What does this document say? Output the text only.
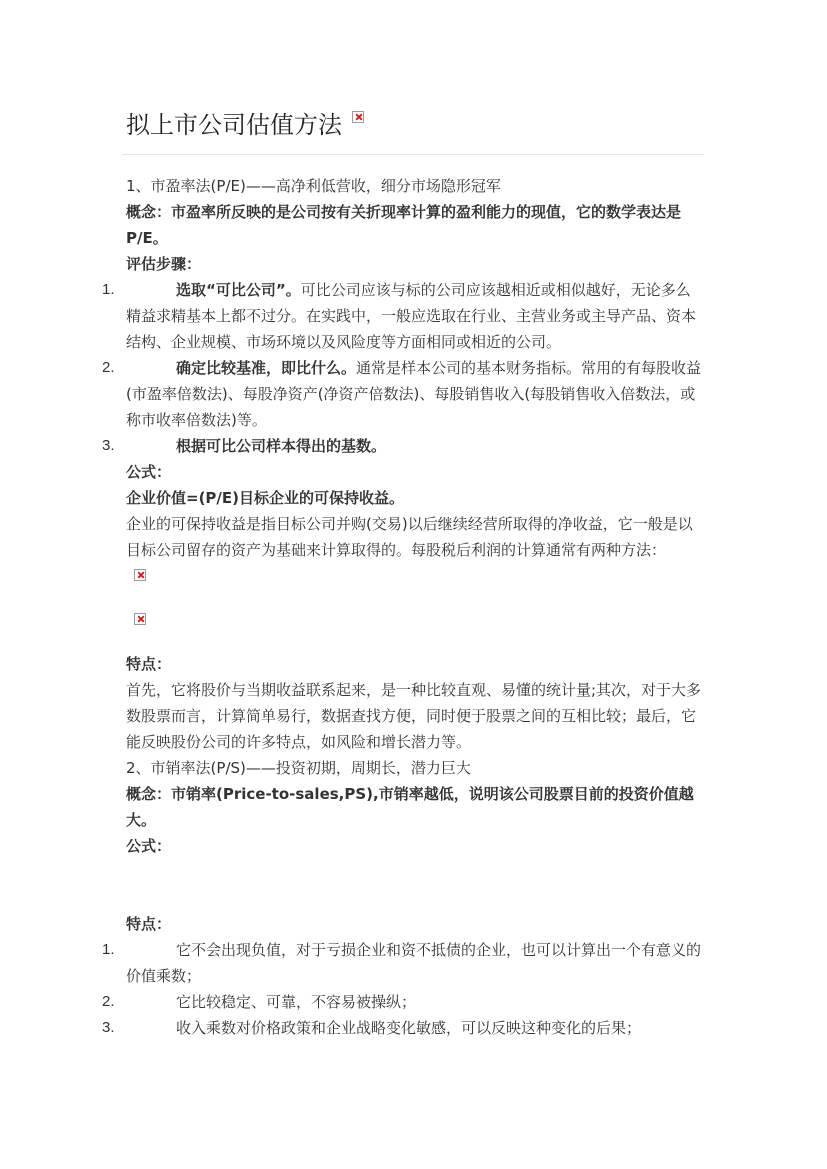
拟上市公司估值方法

1、市盈率法(P/E)——高净利低营收，细分市场隐形冠军

概念：市盈率所反映的是公司按有关折现率计算的盈利能力的现值，它的数学表达是 P/E。

评估步骤：

1.	选取“可比公司”。可比公司应该与标的公司应该越相近或相似越好，无论多么精益求精基本上都不过分。在实践中，一般应选取在行业、主营业务或主导产品、资本结构、企业规模、市场环境以及风险度等方面相同或相近的公司。

2.	确定比较基准，即比什么。通常是样本公司的基本财务指标。常用的有每股收益(市盈率倍数法)、每股净资产(净资产倍数法)、每股销售收入(每股销售收入倍数法，或称市收率倍数法)等。

3.	根据可比公司样本得出的基数。

公式：

企业价值=(P/E)目标企业的可保持收益。

企业的可保持收益是指目标公司并购(交易)以后继续经营所取得的净收益，它一般是以目标公司留存的资产为基础来计算取得的。每股税后利润的计算通常有两种方法：

特点：

首先，它将股价与当期收益联系起来，是一种比较直观、易懂的统计量;其次，对于大多数股票而言，计算简单易行，数据查找方便，同时便于股票之间的互相比较；最后，它能反映股份公司的许多特点，如风险和增长潜力等。

2、市销率法(P/S)——投资初期，周期长，潜力巨大

概念：市销率(Price-to-sales,PS),市销率越低，说明该公司股票目前的投资价值越大。

公式：

特点：

1.	它不会出现负值，对于亏损企业和资不抵债的企业，也可以计算出一个有意义的价值乘数；

2.	它比较稳定、可靠，不容易被操纵；

3.	收入乘数对价格政策和企业战略变化敏感，可以反映这种变化的后果；
